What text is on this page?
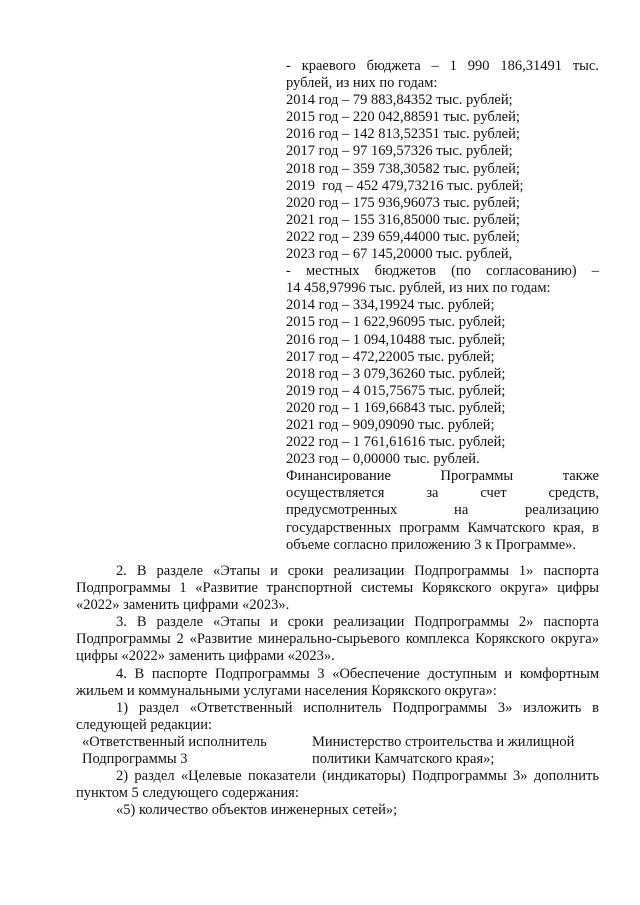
- краевого бюджета – 1 990 186,31491 тыс.
рублей, из них по годам:
2014 год – 79 883,84352 тыс. рублей;
2015 год – 220 042,88591 тыс. рублей;
2016 год – 142 813,52351 тыс. рублей;
2017 год – 97 169,57326 тыс. рублей;
2018 год – 359 738,30582 тыс. рублей;
2019  год – 452 479,73216 тыс. рублей;
2020 год – 175 936,96073 тыс. рублей;
2021 год – 155 316,85000 тыс. рублей;
2022 год – 239 659,44000 тыс. рублей;
2023 год – 67 145,20000 тыс. рублей,
- местных бюджетов (по согласованию) –
14 458,97996 тыс. рублей, из них по годам:
2014 год – 334,19924 тыс. рублей;
2015 год – 1 622,96095 тыс. рублей;
2016 год – 1 094,10488 тыс. рублей;
2017 год – 472,22005 тыс. рублей;
2018 год – 3 079,36260 тыс. рублей;
2019 год – 4 015,75675 тыс. рублей;
2020 год – 1 169,66843 тыс. рублей;
2021 год – 909,09090 тыс. рублей;
2022 год – 1 761,61616 тыс. рублей;
2023 год – 0,00000 тыс. рублей.
Финансирование Программы также
осуществляется за счет средств,
предусмотренных на реализацию
государственных программ Камчатского края, в
объеме согласно приложению 3 к Программе».

2. В разделе «Этапы и сроки реализации Подпрограммы 1» паспорта Подпрограммы 1 «Развитие транспортной системы Корякского округа» цифры «2022» заменить цифрами «2023».

3. В разделе «Этапы и сроки реализации Подпрограммы 2» паспорта Подпрограммы 2 «Развитие минерально-сырьевого комплекса Корякского округа» цифры «2022» заменить цифрами «2023».

4. В паспорте Подпрограммы 3 «Обеспечение доступным и комфортным жильем и коммунальными услугами населения Корякского округа»:

1) раздел «Ответственный исполнитель Подпрограммы 3» изложить в следующей редакции:

«Ответственный исполнитель Подпрограммы 3
Министерство строительства и жилищной политики Камчатского края»;

2) раздел «Целевые показатели (индикаторы) Подпрограммы 3» дополнить пунктом 5 следующего содержания:

«5) количество объектов инженерных сетей»;
